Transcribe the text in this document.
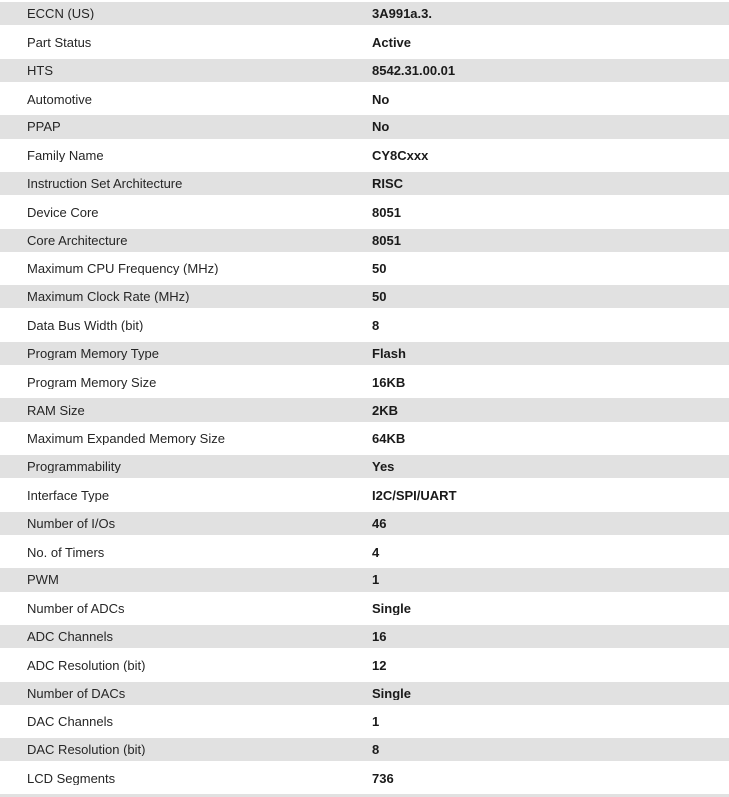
ECCN (US)	3A991a.3.
Part Status	Active
HTS	8542.31.00.01
Automotive	No
PPAP	No
Family Name	CY8Cxxx
Instruction Set Architecture	RISC
Device Core	8051
Core Architecture	8051
Maximum CPU Frequency (MHz)	50
Maximum Clock Rate (MHz)	50
Data Bus Width (bit)	8
Program Memory Type	Flash
Program Memory Size	16KB
RAM Size	2KB
Maximum Expanded Memory Size	64KB
Programmability	Yes
Interface Type	I2C/SPI/UART
Number of I/Os	46
No. of Timers	4
PWM	1
Number of ADCs	Single
ADC Channels	16
ADC Resolution (bit)	12
Number of DACs	Single
DAC Channels	1
DAC Resolution (bit)	8
LCD Segments	736
